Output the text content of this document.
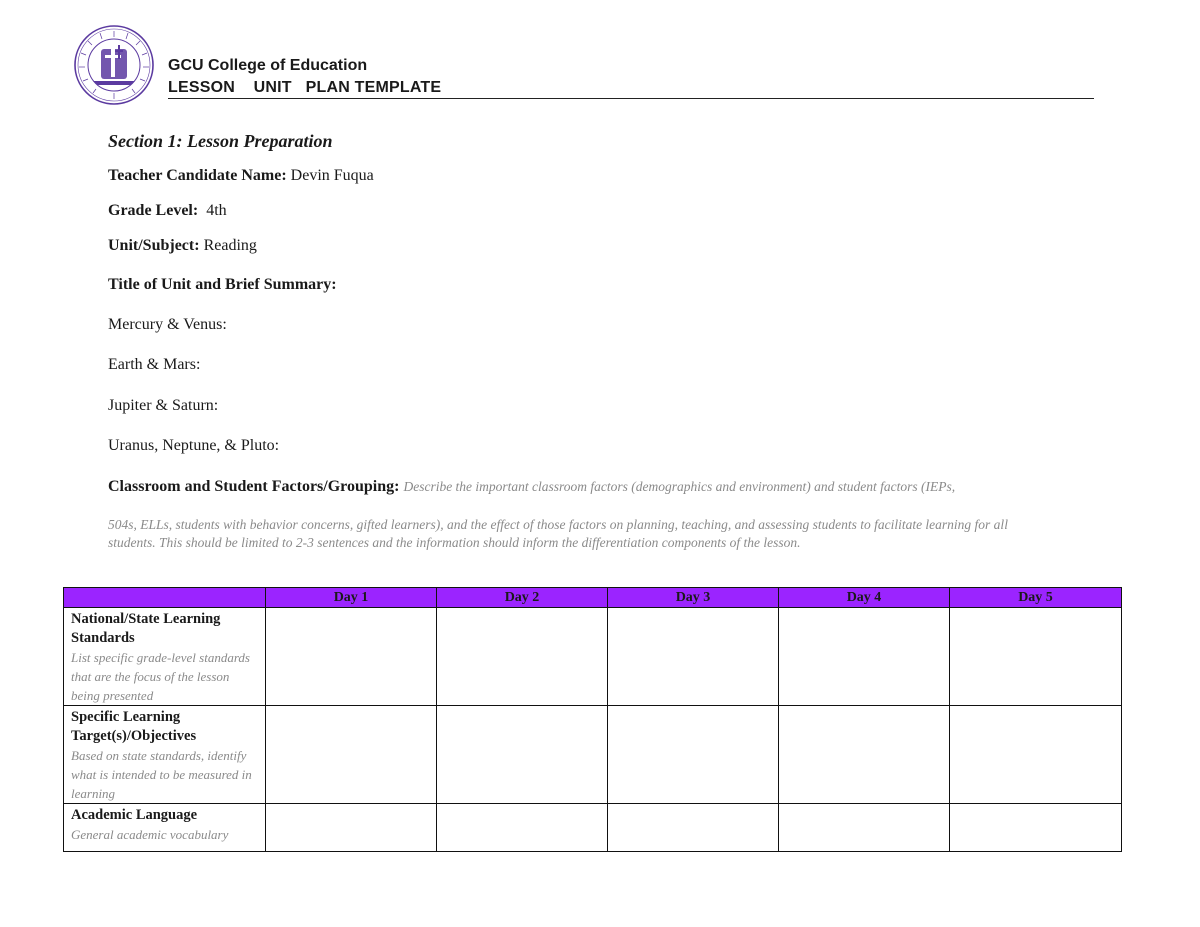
GCU College of Education
LESSON    UNIT   PLAN TEMPLATE
Section 1: Lesson Preparation
Teacher Candidate Name: Devin Fuqua
Grade Level: 4th
Unit/Subject: Reading
Title of Unit and Brief Summary:
Mercury & Venus:
Earth & Mars:
Jupiter & Saturn:
Uranus, Neptune, & Pluto:
Classroom and Student Factors/Grouping: Describe the important classroom factors (demographics and environment) and student factors (IEPs,
504s, ELLs, students with behavior concerns, gifted learners), and the effect of those factors on planning, teaching, and assessing students to facilitate learning for all students. This should be limited to 2-3 sentences and the information should inform the differentiation components of the lesson.
	Day 1	Day 2	Day 3	Day 4	Day 5

National/State Learning Standards
List specific grade-level standards that are the focus of the lesson being presented					

Specific Learning Target(s)/Objectives
Based on state standards, identify what is intended to be measured in learning					

Academic Language
General academic vocabulary					
